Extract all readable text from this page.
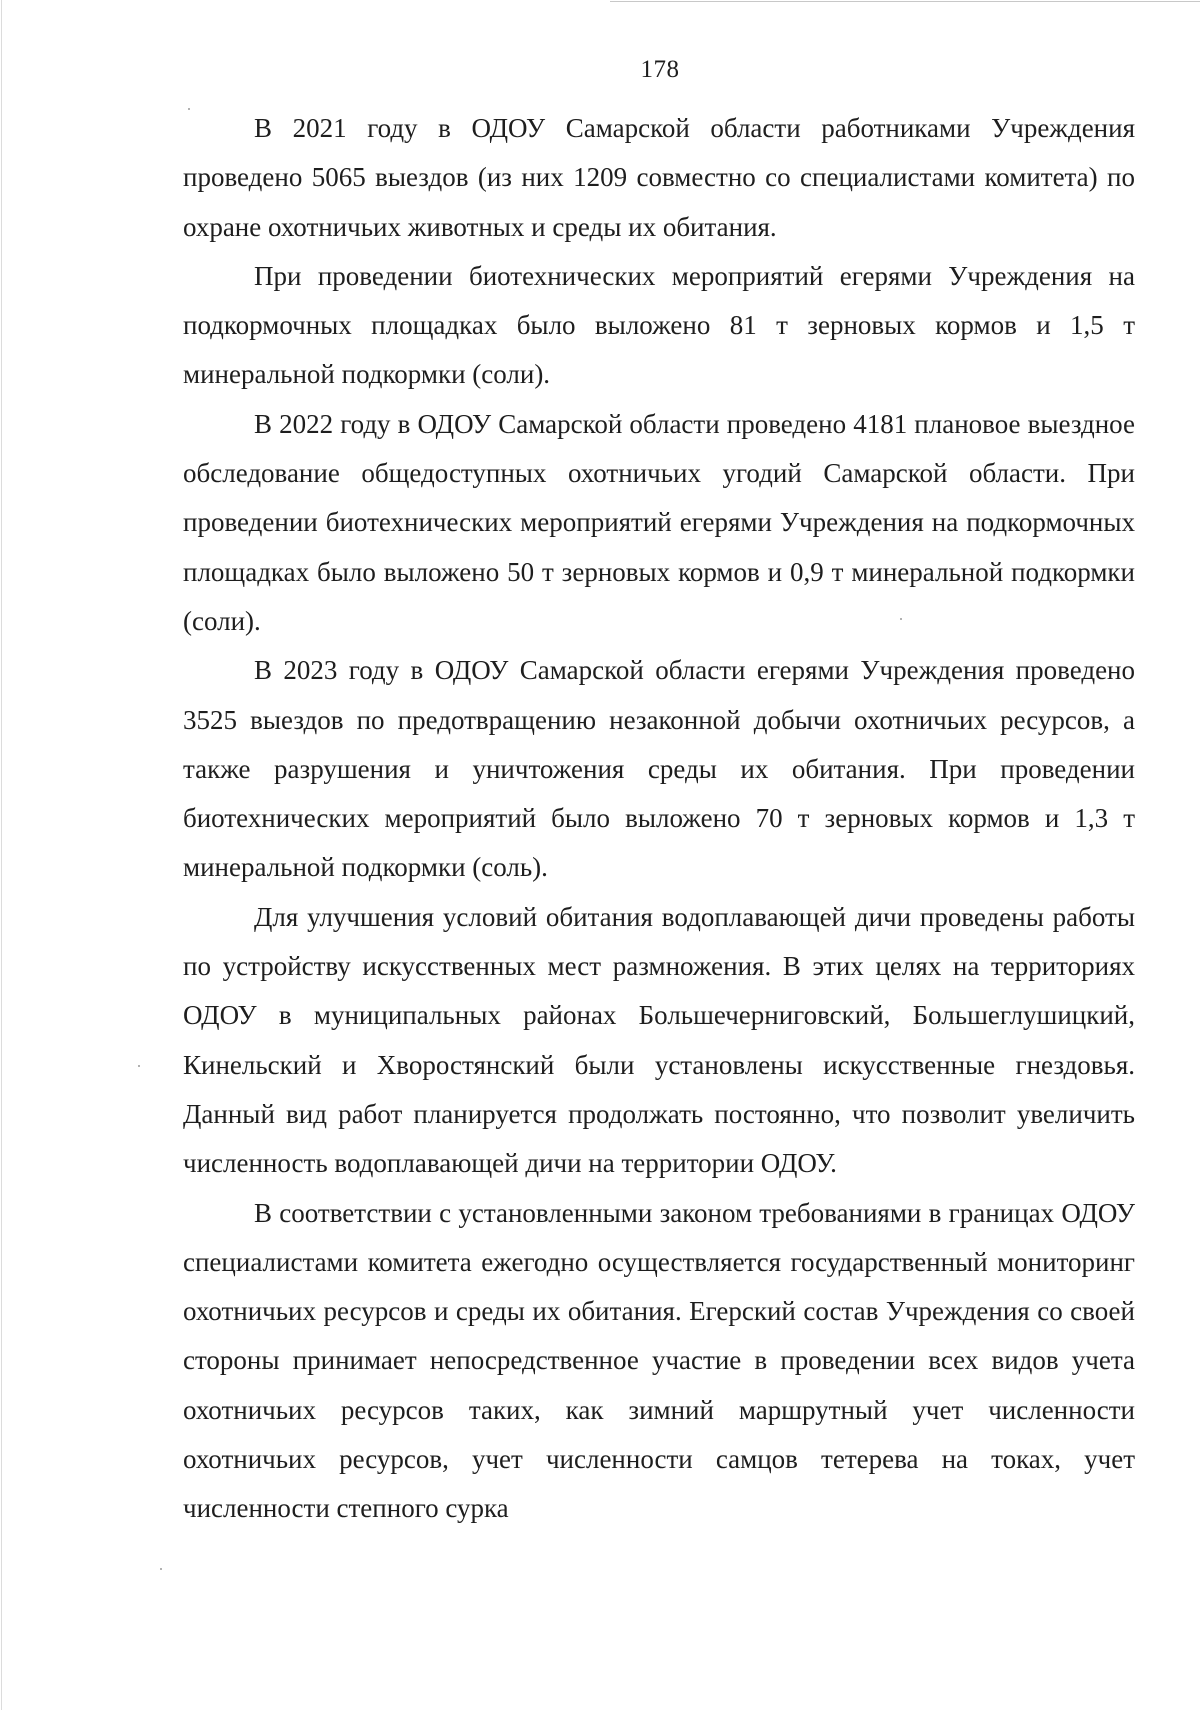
178

В 2021 году в ОДОУ Самарской области работниками Учреждения проведено 5065 выездов (из них 1209 совместно со специалистами комитета) по охране охотничьих животных и среды их обитания.

При проведении биотехнических мероприятий егерями Учреждения на подкормочных площадках было выложено 81 т зерновых кормов и 1,5 т минеральной подкормки (соли).

В 2022 году в ОДОУ Самарской области проведено 4181 плановое выездное обследование общедоступных охотничьих угодий Самарской области. При проведении биотехнических мероприятий егерями Учреждения на подкормочных площадках было выложено 50 т зерновых кормов и 0,9 т минеральной подкормки (соли).

В 2023 году в ОДОУ Самарской области егерями Учреждения проведено 3525 выездов по предотвращению незаконной добычи охотничьих ресурсов, а также разрушения и уничтожения среды их обитания. При проведении биотехнических мероприятий было выложено 70 т зерновых кормов и 1,3 т минеральной подкормки (соль).

Для улучшения условий обитания водоплавающей дичи проведены работы по устройству искусственных мест размножения. В этих целях на территориях ОДОУ в муниципальных районах Большечерниговский, Большеглушицкий, Кинельский и Хворостянский были установлены искусственные гнездовья. Данный вид работ планируется продолжать постоянно, что позволит увеличить численность водоплавающей дичи на территории ОДОУ.

В соответствии с установленными законом требованиями в границах ОДОУ специалистами комитета ежегодно осуществляется государственный мониторинг охотничьих ресурсов и среды их обитания. Егерский состав Учреждения со своей стороны принимает непосредственное участие в проведении всех видов учета охотничьих ресурсов таких, как зимний маршрутный учет численности охотничьих ресурсов, учет численности самцов тетерева на токах, учет численности степного сурка
